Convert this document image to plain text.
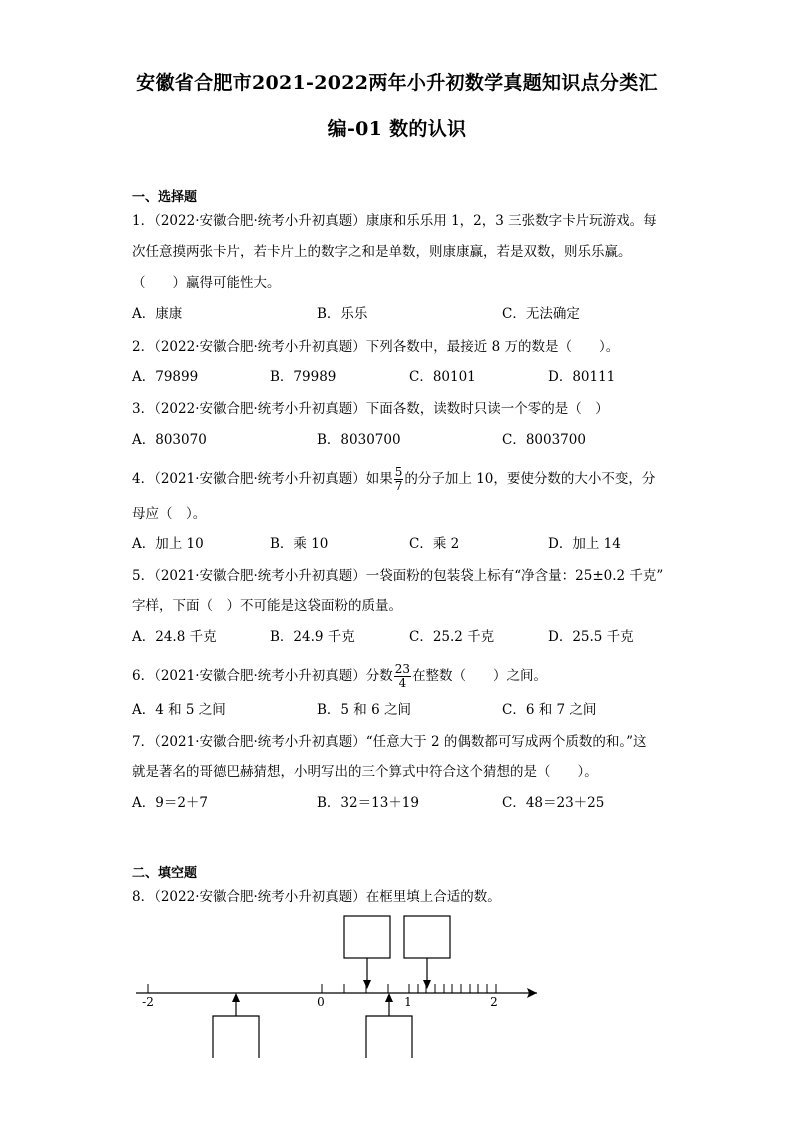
安徽省合肥市2021-2022两年小升初数学真题知识点分类汇
编-01 数的认识
一、选择题
1．（2022·安徽合肥·统考小升初真题）康康和乐乐用 1，2，3 三张数字卡片玩游戏。每
次任意摸两张卡片，若卡片上的数字之和是单数，则康康赢，若是双数，则乐乐赢。
（　　）赢得可能性大。
A．康康	B．乐乐	C．无法确定
2．（2022·安徽合肥·统考小升初真题）下列各数中，最接近 8 万的数是（　　）。
A．79899	B．79989	C．80101	D．80111
3．（2022·安徽合肥·统考小升初真题）下面各数，读数时只读一个零的是（　）
A．803070	B．8030700	C．8003700
4．（2021·安徽合肥·统考小升初真题）如果 $\frac{5}{7}$ 的分子加上 10，要使分数的大小不变，分
母应（　）。
A．加上 10	B．乘 10	C．乘 2	D．加上 14
5．（2021·安徽合肥·统考小升初真题）一袋面粉的包装袋上标有“净含量：25±0.2 千克”
字样，下面（　）不可能是这袋面粉的质量。
A．24.8 千克	B．24.9 千克	C．25.2 千克	D．25.5 千克
6．（2021·安徽合肥·统考小升初真题）分数 $\frac{23}{4}$ 在整数（　　）之间。
A．4 和 5 之间	B．5 和 6 之间	C．6 和 7 之间
7．（2021·安徽合肥·统考小升初真题）“任意大于 2 的偶数都可写成两个质数的和。”这
就是著名的哥德巴赫猜想，小明写出的三个算式中符合这个猜想的是（　　）。
A．9＝2＋7	B．32＝13＋19	C．48＝23＋25
二、填空题
8．（2022·安徽合肥·统考小升初真题）在框里填上合适的数。
-2	0	1	2
